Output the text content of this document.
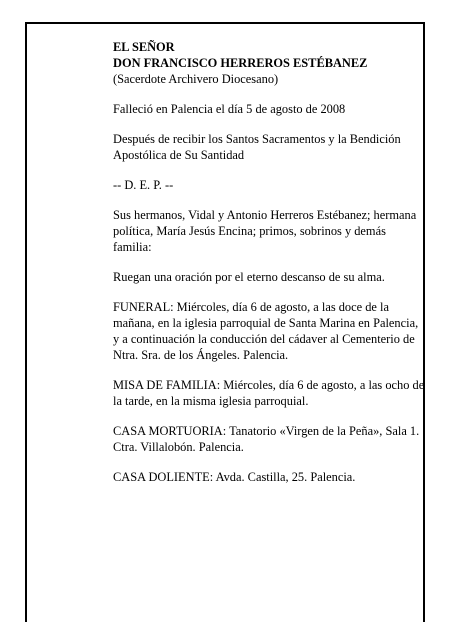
EL SEÑOR
DON FRANCISCO HERREROS ESTÉBANEZ
(Sacerdote Archivero Diocesano)

Falleció en Palencia el día 5 de agosto de 2008

Después de recibir los Santos Sacramentos y la Bendición Apostólica de Su Santidad

-- D. E. P. --

Sus hermanos, Vidal y Antonio Herreros Estébanez; hermana política, María Jesús Encina; primos, sobrinos y demás familia:

Ruegan una oración por el eterno descanso de su alma.

FUNERAL: Miércoles, día 6 de agosto, a las doce de la mañana, en la iglesia parroquial de Santa Marina en Palencia, y a continuación la conducción del cádaver al Cementerio de Ntra. Sra. de los Ángeles. Palencia.

MISA DE FAMILIA: Miércoles, día 6 de agosto, a las ocho de la tarde, en la misma iglesia parroquial.

CASA MORTUORIA: Tanatorio «Virgen de la Peña», Sala 1. Ctra. Villalobón. Palencia.

CASA DOLIENTE: Avda. Castilla, 25. Palencia.
